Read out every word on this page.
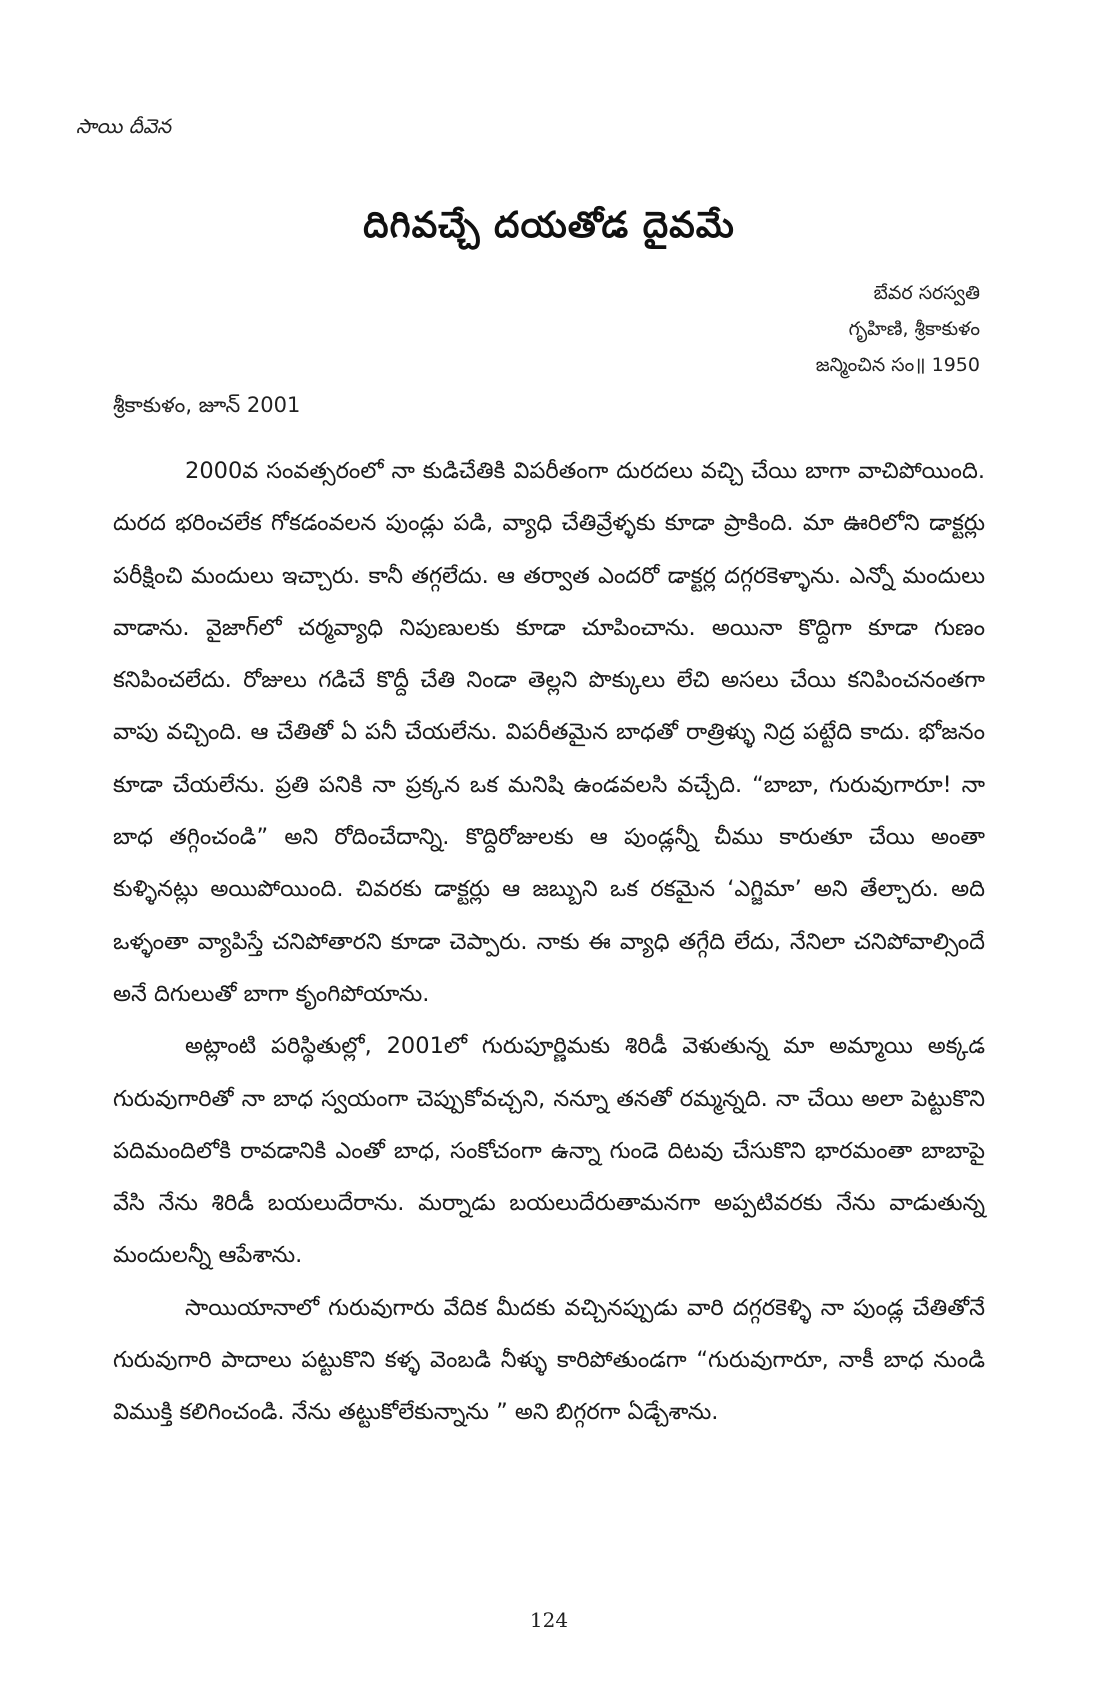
సాయి దీవెన
దిగివచ్చే దయతోడ దైవమే
బేవర సరస్వతి
గృహిణి, శ్రీకాకుళం
జన్మించిన సం॥ 1950
శ్రీకాకుళం, జూన్ 2001

2000వ సంవత్సరంలో నా కుడిచేతికి విపరీతంగా దురదలు వచ్చి చేయి బాగా వాచిపోయింది. దురద భరించలేక గోకడంవలన పుండ్లు పడి, వ్యాధి చేతివ్రేళ్ళకు కూడా ప్రాకింది. మా ఊరిలోని డాక్టర్లు పరీక్షించి మందులు ఇచ్చారు. కానీ తగ్గలేదు. ఆ తర్వాత ఎందరో డాక్టర్ల దగ్గరకెళ్ళాను. ఎన్నో మందులు వాడాను. వైజాగ్‌లో చర్మవ్యాధి నిపుణులకు కూడా చూపించాను. అయినా కొద్దిగా కూడా గుణం కనిపించలేదు. రోజులు గడిచే కొద్దీ చేతి నిండా తెల్లని పొక్కులు లేచి అసలు చేయి కనిపించనంతగా వాపు వచ్చింది. ఆ చేతితో ఏ పనీ చేయలేను. విపరీతమైన బాధతో రాత్రిళ్ళు నిద్ర పట్టేది కాదు. భోజనం కూడా చేయలేను. ప్రతి పనికి నా ప్రక్కన ఒక మనిషి ఉండవలసి వచ్చేది. “బాబా, గురువుగారూ! నా బాధ తగ్గించండి” అని రోదించేదాన్ని. కొద్దిరోజులకు ఆ పుండ్లన్నీ చీము కారుతూ చేయి అంతా కుళ్ళినట్లు అయిపోయింది. చివరకు డాక్టర్లు ఆ జబ్బుని ఒక రకమైన ‘ఎగ్జిమా’ అని తేల్చారు. అది ఒళ్ళంతా వ్యాపిస్తే చనిపోతారని కూడా చెప్పారు. నాకు ఈ వ్యాధి తగ్గేది లేదు, నేనిలా చనిపోవాల్సిందే అనే దిగులుతో బాగా కృంగిపోయాను.

అట్లాంటి పరిస్థితుల్లో, 2001లో గురుపూర్ణిమకు శిరిడీ వెళుతున్న మా అమ్మాయి అక్కడ గురువుగారితో నా బాధ స్వయంగా చెప్పుకోవచ్చని, నన్నూ తనతో రమ్మన్నది. నా చేయి అలా పెట్టుకొని పదిమందిలోకి రావడానికి ఎంతో బాధ, సంకోచంగా ఉన్నా గుండె దిటవు చేసుకొని భారమంతా బాబాపై వేసి నేను శిరిడీ బయలుదేరాను. మర్నాడు బయలుదేరుతామనగా అప్పటివరకు నేను వాడుతున్న మందులన్నీ ఆపేశాను.

సాయియానాలో గురువుగారు వేదిక మీదకు వచ్చినప్పుడు వారి దగ్గరకెళ్ళి నా పుండ్ల చేతితోనే గురువుగారి పాదాలు పట్టుకొని కళ్ళ వెంబడి నీళ్ళు కారిపోతుండగా “గురువుగారూ, నాకీ బాధ నుండి విముక్తి కలిగించండి. నేను తట్టుకోలేకున్నాను ” అని బిగ్గరగా ఏడ్చేశాను.

124
